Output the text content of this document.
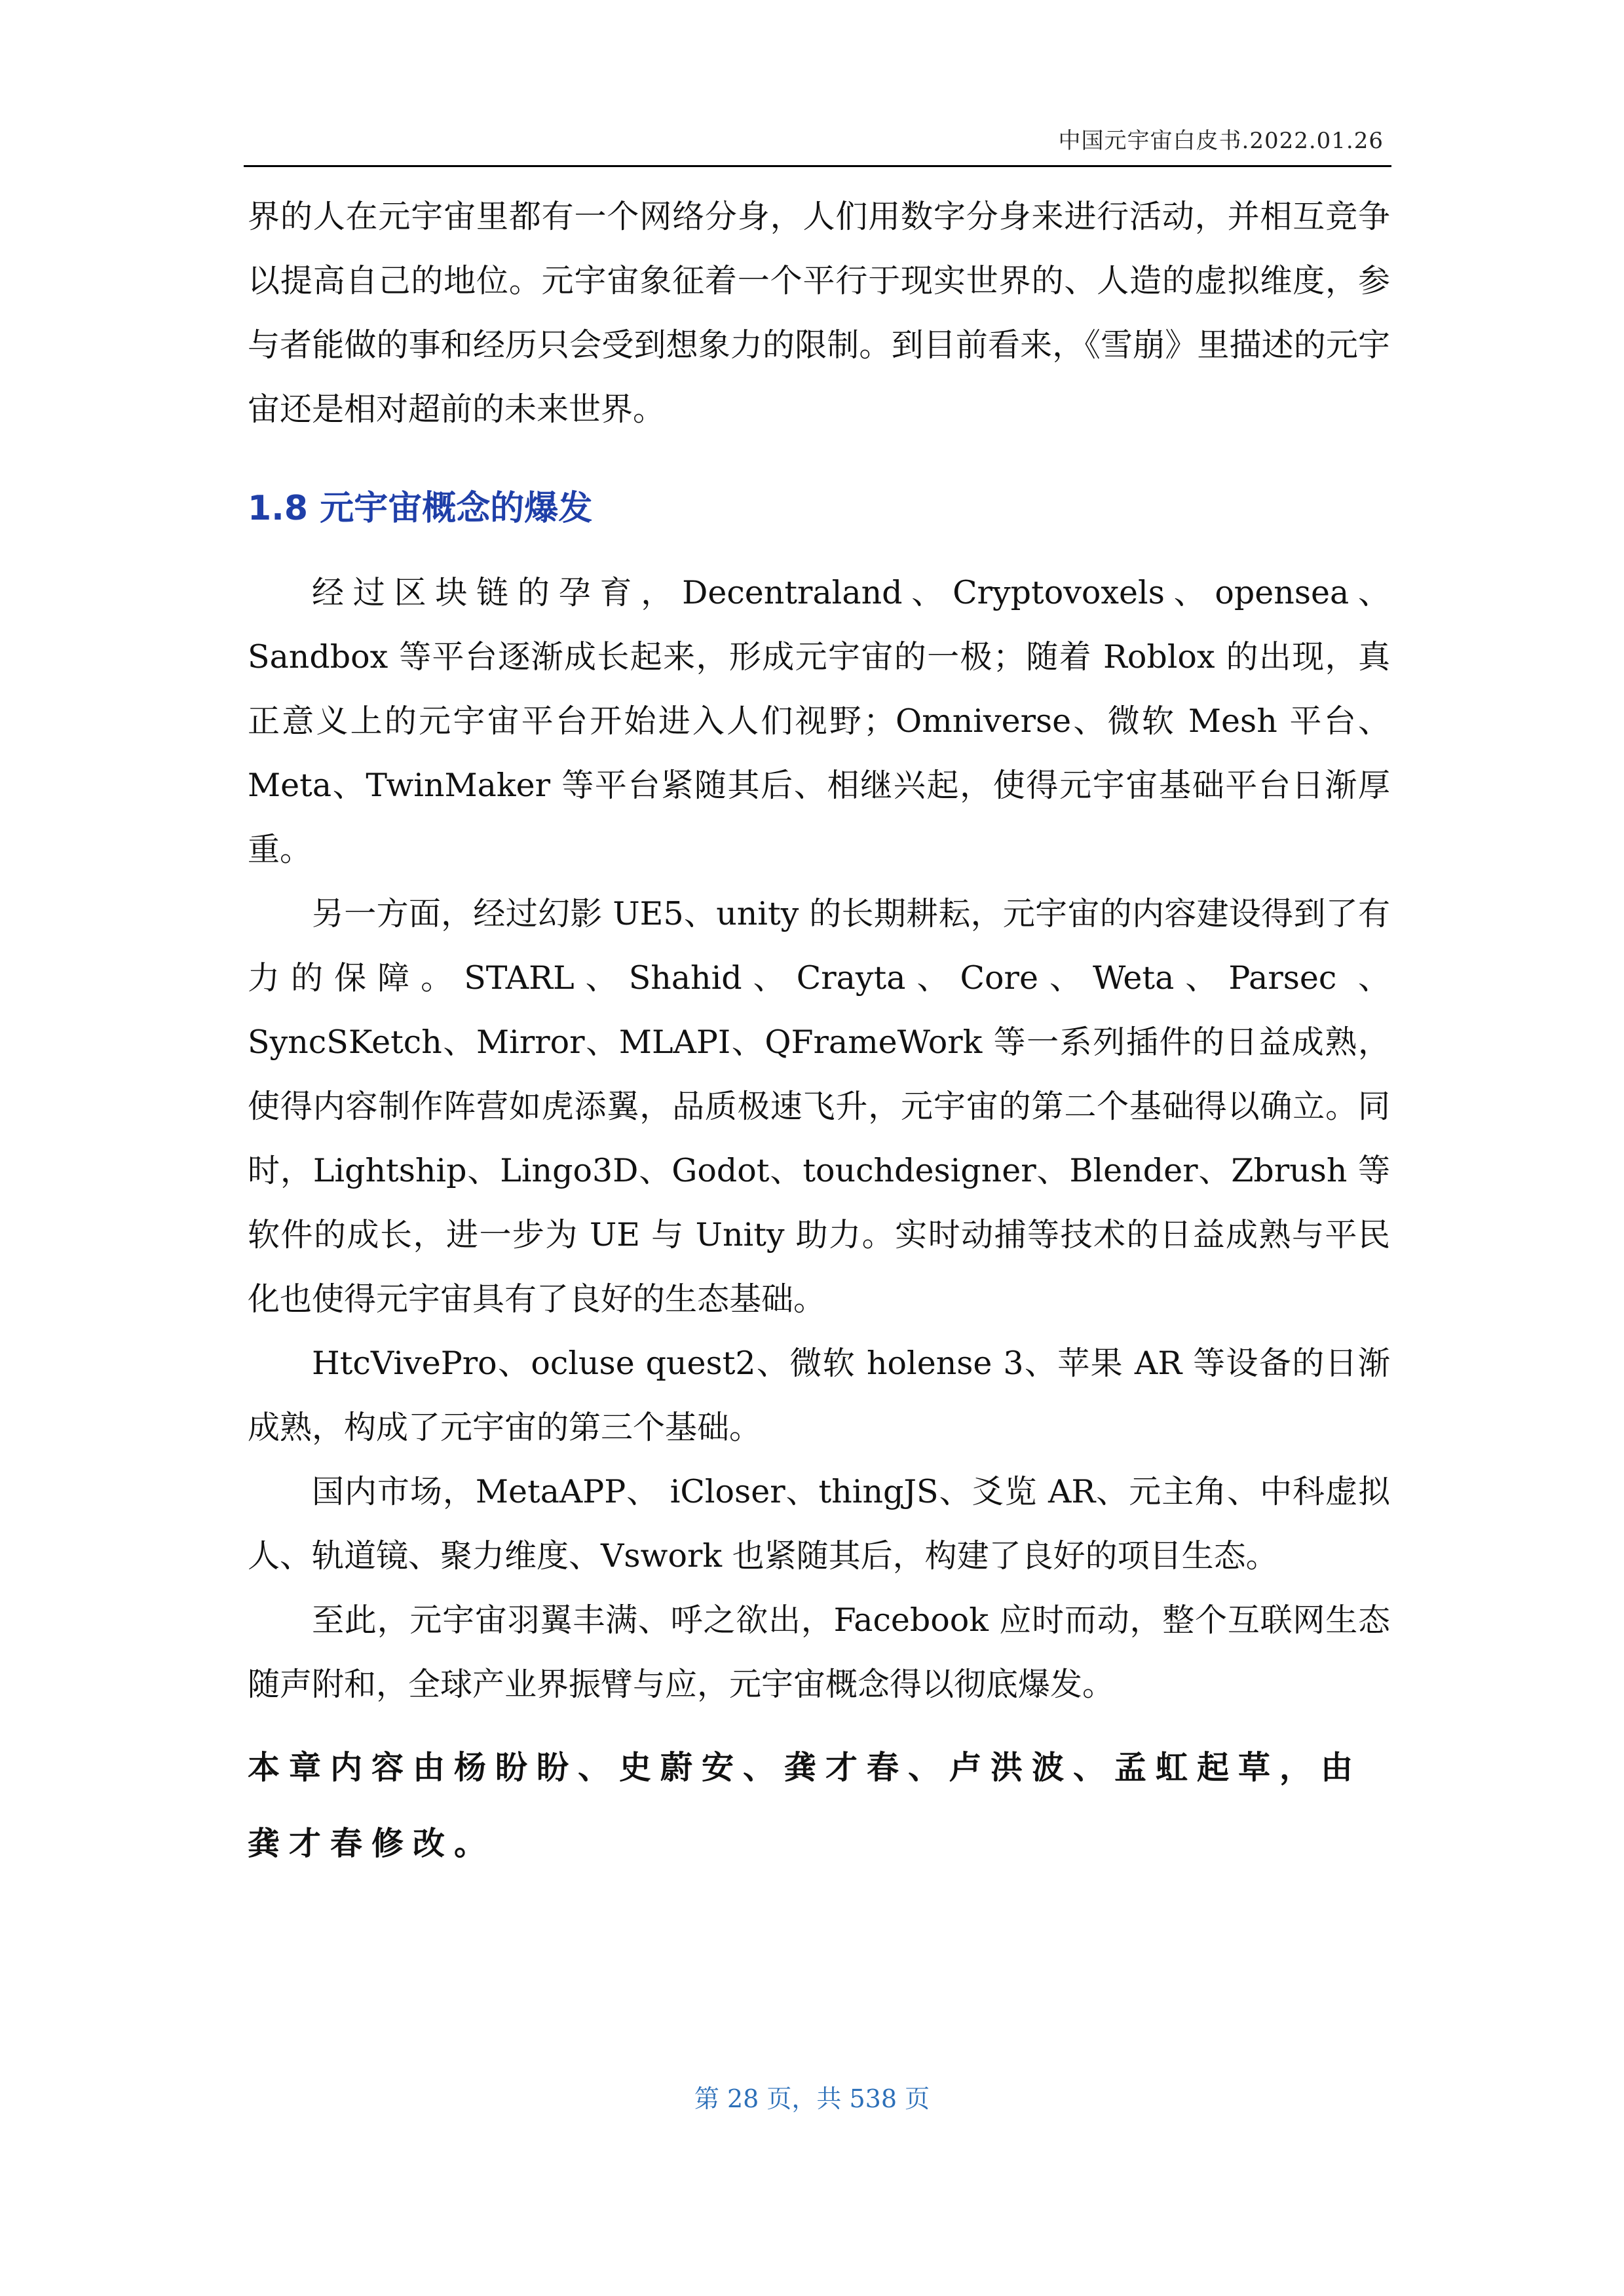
中国元宇宙白皮书.2022.01.26

界的人在元宇宙里都有一个网络分身，人们用数字分身来进行活动，并相互竞争以提高自己的地位。元宇宙象征着一个平行于现实世界的、人造的虚拟维度，参与者能做的事和经历只会受到想象力的限制。到目前看来，《雪崩》里描述的元宇宙还是相对超前的未来世界。

1.8 元宇宙概念的爆发

经过区块链的孕育，Decentraland、Cryptovoxels、opensea、Sandbox 等平台逐渐成长起来，形成元宇宙的一极；随着 Roblox 的出现，真正意义上的元宇宙平台开始进入人们视野；Omniverse、微软 Mesh 平台、Meta、TwinMaker 等平台紧随其后、相继兴起，使得元宇宙基础平台日渐厚重。

另一方面，经过幻影 UE5、unity 的长期耕耘，元宇宙的内容建设得到了有力的保障。STARL、Shahid、Crayta、Core、Weta、Parsec 、SyncSKetch、Mirror、MLAPI、QFrameWork 等一系列插件的日益成熟，使得内容制作阵营如虎添翼，品质极速飞升，元宇宙的第二个基础得以确立。同时，Lightship、Lingo3D、Godot、touchdesigner、Blender、Zbrush 等软件的成长，进一步为 UE 与 Unity 助力。实时动捕等技术的日益成熟与平民化也使得元宇宙具有了良好的生态基础。

HtcVivePro、ocluse quest2、微软 holense 3、苹果 AR 等设备的日渐成熟，构成了元宇宙的第三个基础。

国内市场，MetaAPP、 iCloser、thingJS、爻览 AR、元主角、中科虚拟人、轨道镜、聚力维度、Vswork 也紧随其后，构建了良好的项目生态。

至此，元宇宙羽翼丰满、呼之欲出，Facebook 应时而动，整个互联网生态随声附和，全球产业界振臂与应，元宇宙概念得以彻底爆发。

本章内容由杨盼盼、史蔚安、龚才春、卢洪波、孟虹起草，由龚才春修改。
第 28 页，共 538 页
